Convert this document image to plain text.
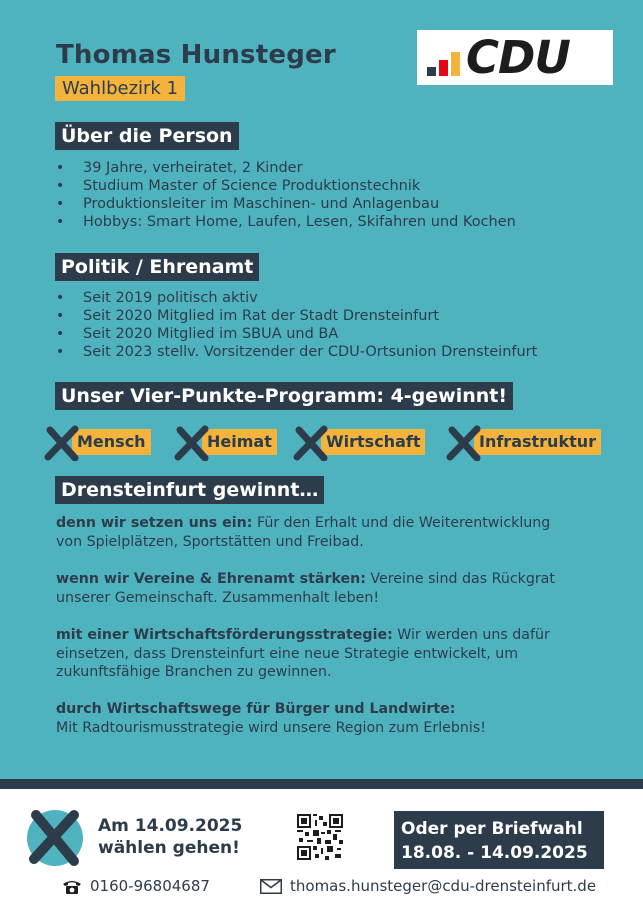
Thomas Hunsteger
Wahlbezirk 1
CDU
Über die Person
• 39 Jahre, verheiratet, 2 Kinder
• Studium Master of Science Produktionstechnik
• Produktionsleiter im Maschinen- und Anlagenbau
• Hobbys: Smart Home, Laufen, Lesen, Skifahren und Kochen
Politik / Ehrenamt
• Seit 2019 politisch aktiv
• Seit 2020 Mitglied im Rat der Stadt Drensteinfurt
• Seit 2020 Mitglied im SBUA und BA
• Seit 2023 stellv. Vorsitzender der CDU-Ortsunion Drensteinfurt
Unser Vier-Punkte-Programm: 4-gewinnt!
Mensch	Heimat	Wirtschaft	Infrastruktur
Drensteinfurt gewinnt…
denn wir setzen uns ein: Für den Erhalt und die Weiterentwicklung von Spielplätzen, Sportstätten und Freibad.
wenn wir Vereine & Ehrenamt stärken: Vereine sind das Rückgrat unserer Gemeinschaft. Zusammenhalt leben!
mit einer Wirtschaftsförderungsstrategie: Wir werden uns dafür einsetzen, dass Drensteinfurt eine neue Strategie entwickelt, um zukunftsfähige Branchen zu gewinnen.
durch Wirtschaftswege für Bürger und Landwirte:
Mit Radtourismusstrategie wird unsere Region zum Erlebnis!
Am 14.09.2025
wählen gehen!
Oder per Briefwahl
18.08. - 14.09.2025
0160-96804687	thomas.hunsteger@cdu-drensteinfurt.de
